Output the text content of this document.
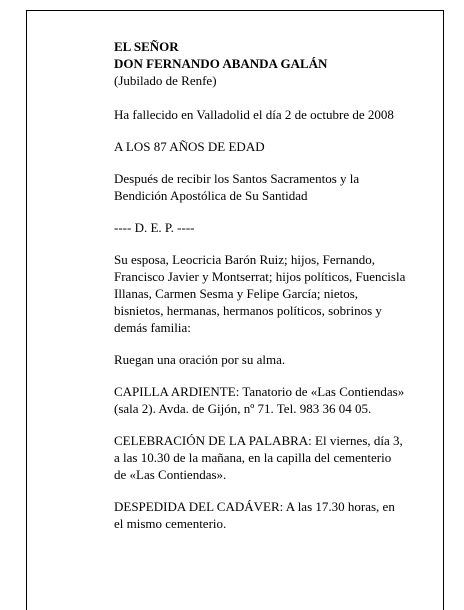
EL SEÑOR

DON FERNANDO ABANDA GALÁN

(Jubilado de Renfe)

Ha fallecido en Valladolid el día 2 de octubre de 2008

A LOS 87 AÑOS DE EDAD

Después de recibir los Santos Sacramentos y la

Bendición Apostólica de Su Santidad

---- D. E. P. ----

Su esposa, Leocricia Barón Ruiz; hijos, Fernando,

Francisco Javier y Montserrat; hijos políticos, Fuencisla

Illanas, Carmen Sesma y Felipe García; nietos,

bisnietos, hermanas, hermanos políticos, sobrinos y

demás familia:

Ruegan una oración por su alma.

CAPILLA ARDIENTE: Tanatorio de «Las Contiendas»

(sala 2). Avda. de Gijón, nº 71. Tel. 983 36 04 05.

CELEBRACIÓN DE LA PALABRA: El viernes, día 3,

a las 10.30 de la mañana, en la capilla del cementerio

de «Las Contiendas».

DESPEDIDA DEL CADÁVER: A las 17.30 horas, en

el mismo cementerio.
